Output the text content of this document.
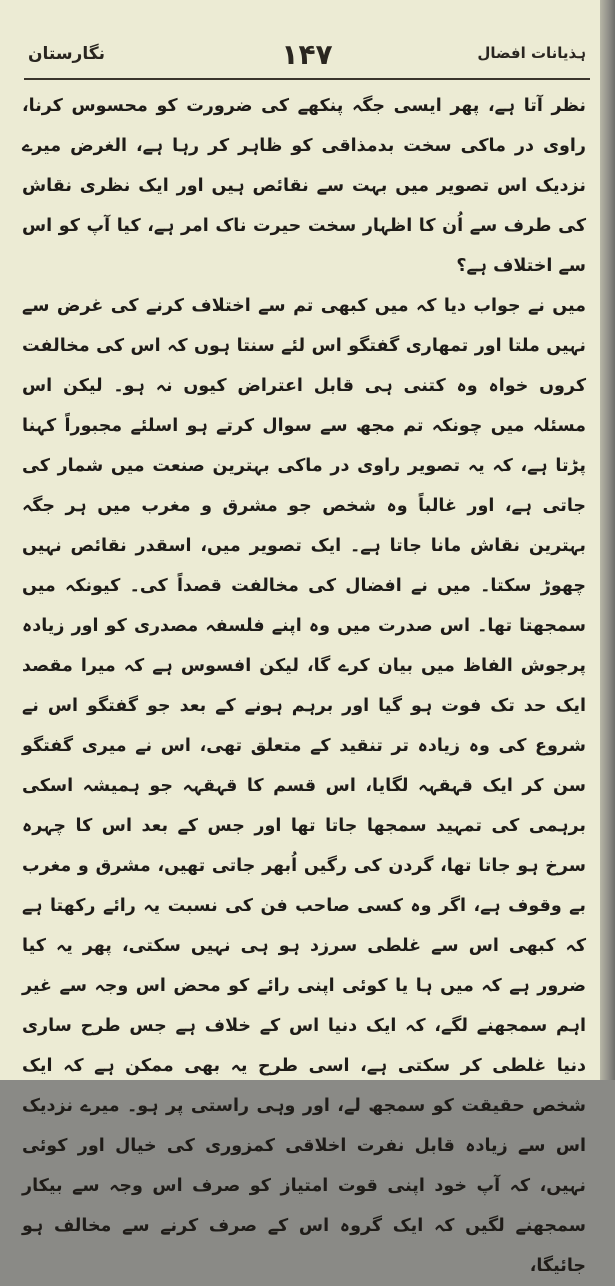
ہذیانات افضال
۱۴۷
نگارستان

نظر آتا ہے، پھر ایسی جگہ پنکھے کی ضرورت کو محسوس کرنا، راوی در ماکی سخت بدمذاقی کو ظاہر کر رہا ہے، الغرض میرے نزدیک اس تصویر میں بہت سے نقائص ہیں اور ایک نظری نقاش کی طرف سے اُن کا اظہار سخت حیرت ناک امر ہے، کیا آپ کو اس سے اختلاف ہے؟

میں نے جواب دیا کہ میں کبھی تم سے اختلاف کرنے کی غرض سے نہیں ملتا اور تمھاری گفتگو اس لئے سنتا ہوں کہ اس کی مخالفت کروں خواہ وہ کتنی ہی قابل اعتراض کیوں نہ ہو۔ لیکن اس مسئلہ میں چونکہ تم مجھ سے سوال کرتے ہو اسلئے مجبوراً کہنا پڑتا ہے، کہ یہ تصویر راوی در ماکی بہترین صنعت میں شمار کی جاتی ہے، اور غالباً وہ شخص جو مشرق و مغرب میں ہر جگہ بہترین نقاش مانا جاتا ہے۔ ایک تصویر میں، اسقدر نقائص نہیں چھوڑ سکتا۔ میں نے افضال کی مخالفت قصداً کی۔ کیونکہ میں سمجھتا تھا۔ اس صدرت میں وہ اپنے فلسفہ مصدری کو اور زیادہ پرجوش الفاظ میں بیان کرے گا، لیکن افسوس ہے کہ میرا مقصد ایک حد تک فوت ہو گیا اور برہم ہونے کے بعد جو گفتگو اس نے شروع کی وہ زیادہ تر تنقید کے متعلق تھی، اس نے میری گفتگو سن کر ایک قہقہہ لگایا، اس قسم کا قہقہہ جو ہمیشہ اسکی برہمی کی تمہید سمجھا جاتا تھا اور جس کے بعد اس کا چہرہ سرخ ہو جاتا تھا، گردن کی رگیں اُبھر جاتی تھیں، مشرق و مغرب بے وقوف ہے، اگر وہ کسی صاحب فن کی نسبت یہ رائے رکھتا ہے کہ کبھی اس سے غلطی سرزد ہو ہی نہیں سکتی، پھر یہ کیا ضرور ہے کہ میں ہا یا کوئی اپنی رائے کو محض اس وجہ سے غیر اہم سمجھنے لگے، کہ ایک دنیا اس کے خلاف ہے جس طرح ساری دنیا غلطی کر سکتی ہے، اسی طرح یہ بھی ممکن ہے کہ ایک شخص حقیقت کو سمجھ لے، اور وہی راستی پر ہو۔ میرے نزدیک اس سے زیادہ قابل نفرت اخلاقی کمزوری کی خیال اور کوئی نہیں، کہ آپ خود اپنی قوت امتیاز کو صرف اس وجہ سے بیکار سمجھنے لگیں کہ ایک گروہ اس کے صرف کرنے سے مخالف ہو جائیگا،
